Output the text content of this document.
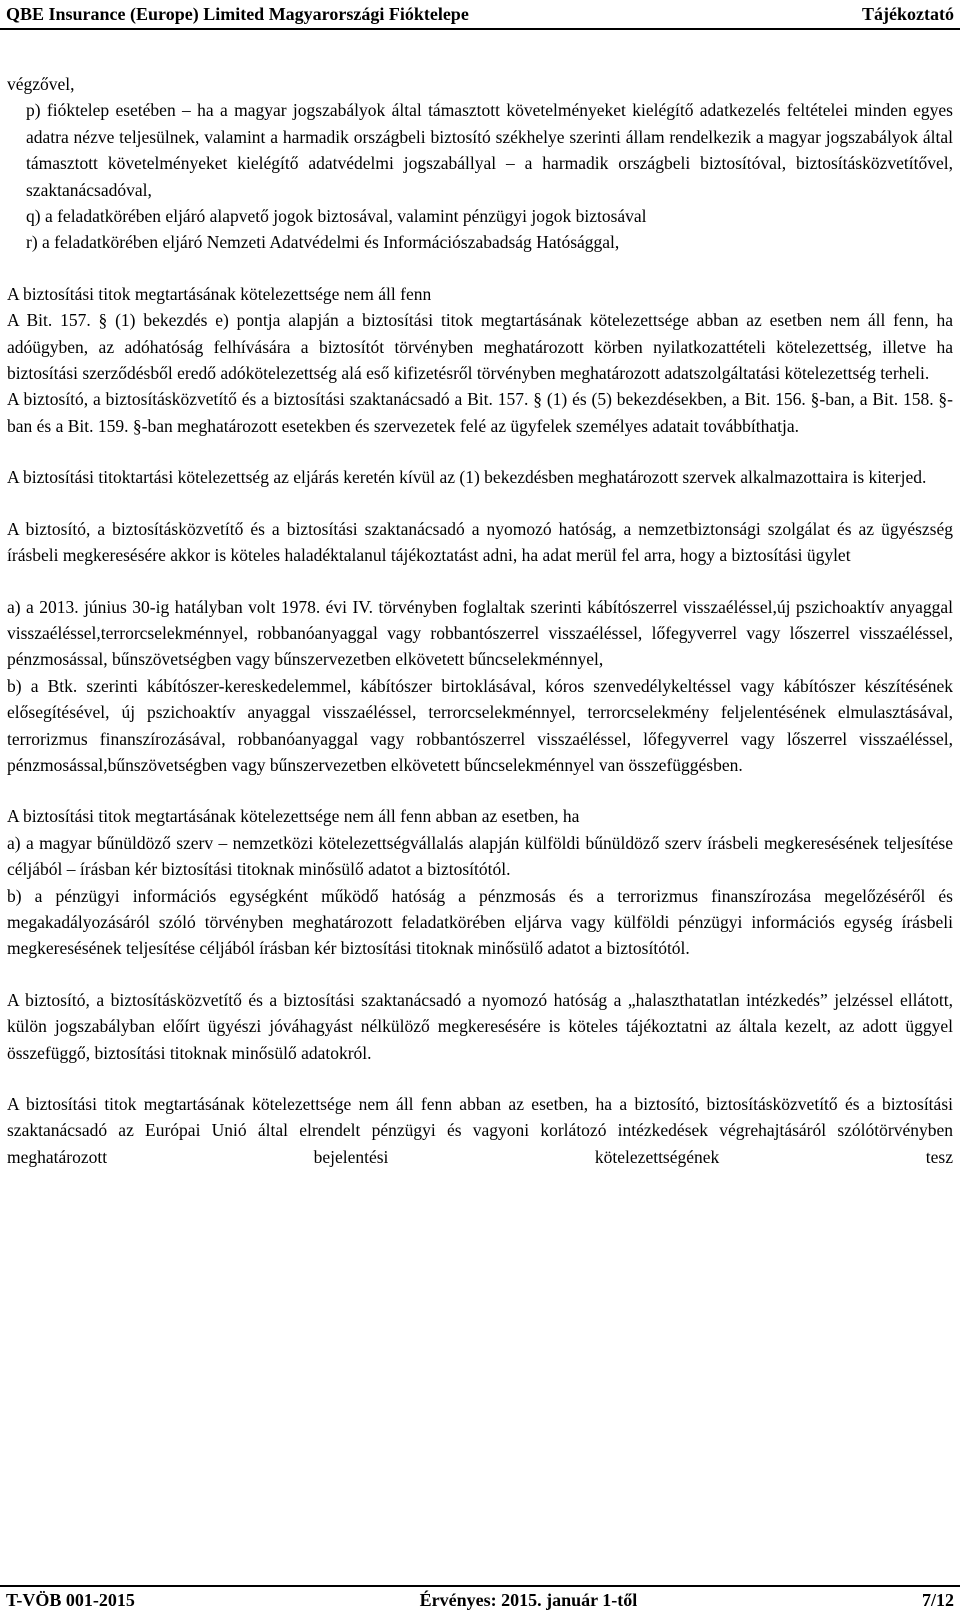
QBE Insurance (Europe) Limited Magyarországi Fióktelepe	Tájékoztató

végzővel,

p) fióktelep esetében – ha a magyar jogszabályok által támasztott követelményeket kielégítő adatkezelés feltételei minden egyes adatra nézve teljesülnek, valamint a harmadik országbeli biztosító székhelye szerinti állam rendelkezik a magyar jogszabályok által támasztott követelményeket kielégítő adatvédelmi jogszabállyal – a harmadik országbeli biztosítóval, biztosításközvetítővel, szaktanácsadóval,

q) a feladatkörében eljáró alapvető jogok biztosával, valamint pénzügyi jogok biztosával

r) a feladatkörében eljáró Nemzeti Adatvédelmi és Információszabadság Hatósággal,

A biztosítási titok megtartásának kötelezettsége nem áll fenn

A Bit. 157. § (1) bekezdés e) pontja alapján a biztosítási titok megtartásának kötelezettsége abban az esetben nem áll fenn, ha adóügyben, az adóhatóság felhívására a biztosítót törvényben meghatározott körben nyilatkozattételi kötelezettség, illetve ha biztosítási szerződésből eredő adókötelezettség alá eső kifizetésről törvényben meghatározott adatszolgáltatási kötelezettség terheli.

A biztosító, a biztosításközvetítő és a biztosítási szaktanácsadó a Bit. 157. § (1) és (5) bekezdésekben, a Bit. 156. §-ban, a Bit. 158. §-ban és a Bit. 159. §-ban meghatározott esetekben és szervezetek felé az ügyfelek személyes adatait továbbíthatja.

A biztosítási titoktartási kötelezettség az eljárás keretén kívül az (1) bekezdésben meghatározott szervek alkalmazottaira is kiterjed.

A biztosító, a biztosításközvetítő és a biztosítási szaktanácsadó a nyomozó hatóság, a nemzetbiztonsági szolgálat és az ügyészség írásbeli megkeresésére akkor is köteles haladéktalanul tájékoztatást adni, ha adat merül fel arra, hogy a biztosítási ügylet

a) a 2013. június 30-ig hatályban volt 1978. évi IV. törvényben foglaltak szerinti kábítószerrel visszaéléssel,új pszichoaktív anyaggal visszaéléssel,terrorcselekménnyel, robbanóanyaggal vagy robbantószerrel visszaéléssel, lőfegyverrel vagy lőszerrel visszaéléssel, pénzmosással, bűnszövetségben vagy bűnszervezetben elkövetett bűncselekménnyel,

b) a Btk. szerinti kábítószer-kereskedelemmel, kábítószer birtoklásával, kóros szenvedélykeltéssel vagy kábítószer készítésének elősegítésével, új pszichoaktív anyaggal visszaéléssel, terrorcselekménnyel, terrorcselekmény feljelentésének elmulasztásával, terrorizmus finanszírozásával, robbanóanyaggal vagy robbantószerrel visszaéléssel, lőfegyverrel vagy lőszerrel visszaéléssel, pénzmosással,bűnszövetségben vagy bűnszervezetben elkövetett bűncselekménnyel van összefüggésben.

A biztosítási titok megtartásának kötelezettsége nem áll fenn abban az esetben, ha

a) a magyar bűnüldöző szerv – nemzetközi kötelezettségvállalás alapján külföldi bűnüldöző szerv írásbeli megkeresésének teljesítése céljából – írásban kér biztosítási titoknak minősülő adatot a biztosítótól.

b) a pénzügyi információs egységként működő hatóság a pénzmosás és a terrorizmus finanszírozása megelőzéséről és megakadályozásáról szóló törvényben meghatározott feladatkörében eljárva vagy külföldi pénzügyi információs egység írásbeli megkeresésének teljesítése céljából írásban kér biztosítási titoknak minősülő adatot a biztosítótól.

A biztosító, a biztosításközvetítő és a biztosítási szaktanácsadó a nyomozó hatóság a „halaszthatatlan intézkedés” jelzéssel ellátott, külön jogszabályban előírt ügyészi jóváhagyást nélkülöző megkeresésére is köteles tájékoztatni az általa kezelt, az adott üggyel összefüggő, biztosítási titoknak minősülő adatokról.

A biztosítási titok megtartásának kötelezettsége nem áll fenn abban az esetben, ha a biztosító, biztosításközvetítő és a biztosítási szaktanácsadó az Európai Unió által elrendelt pénzügyi és vagyoni korlátozó intézkedések végrehajtásáról szólótörvényben meghatározott bejelentési kötelezettségének tesz

T-VÖB 001-2015	Érvényes: 2015. január 1-től	7/12
